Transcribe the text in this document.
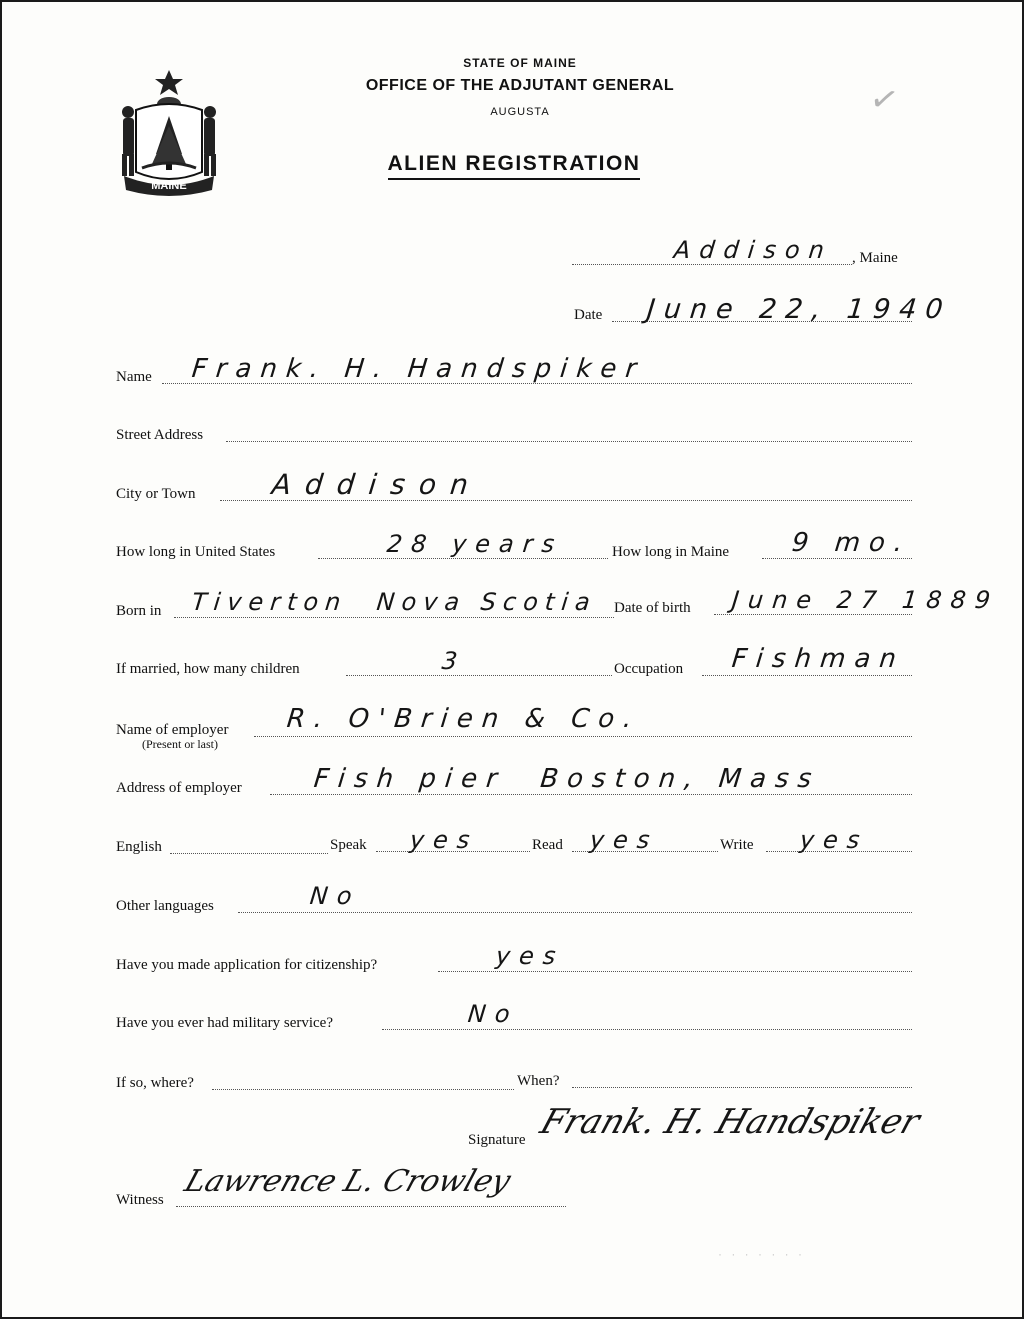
MAINE
✓
STATE OF MAINE
OFFICE OF THE ADJUTANT GENERAL
AUGUSTA
ALIEN REGISTRATION
Addison , Maine
Date June 22, 1940
Name Frank. H. Handspiker
Street Address
City or Town	Addison
How long in United States	28 years	How long in Maine 9 mo.
Born in Tiverton  Nova Scotia Date of birth June 27 1889
If married, how many children	3	Occupation Fishman
Name of employer
(Present or last)
R. O'Brien & Co.
Address of employer	Fish pier  Boston, Mass
English	Speak yes	Read yes	Write yes
Other languages	No
Have you made application for citizenship?	yes
Have you ever had military service?	No
If so, where?	When?
Signature Frank. H. Handspiker
Witness
Lawrence L. Crowley
· · · · · · ·
